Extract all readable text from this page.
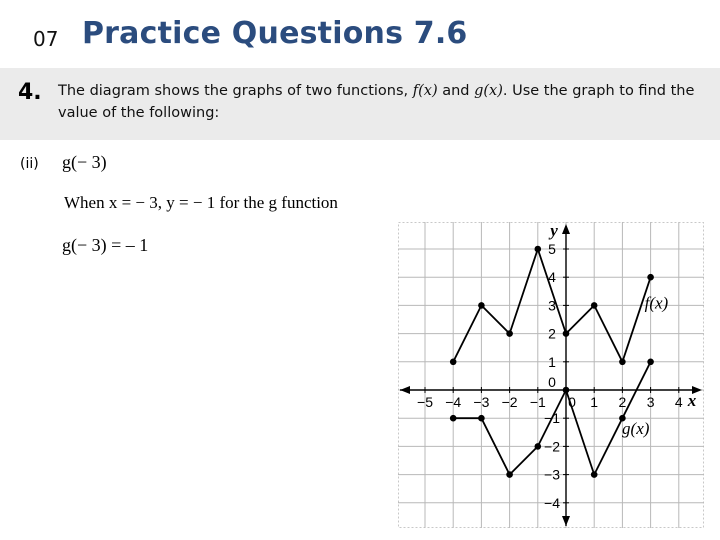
07 Practice Questions 7.6
4. The diagram shows the graphs of two functions, f(x) and g(x). Use the graph to find the value of the following:
(ii) g(− 3)
When x = − 3, y = − 1 for the g function
g(− 3) = – 1
−5 −4 −3 −2 −1 0 1 2 3 4
−4
−3
−2
−1
0
1
2
3
4
5
x
y
f(x)
g(x)
